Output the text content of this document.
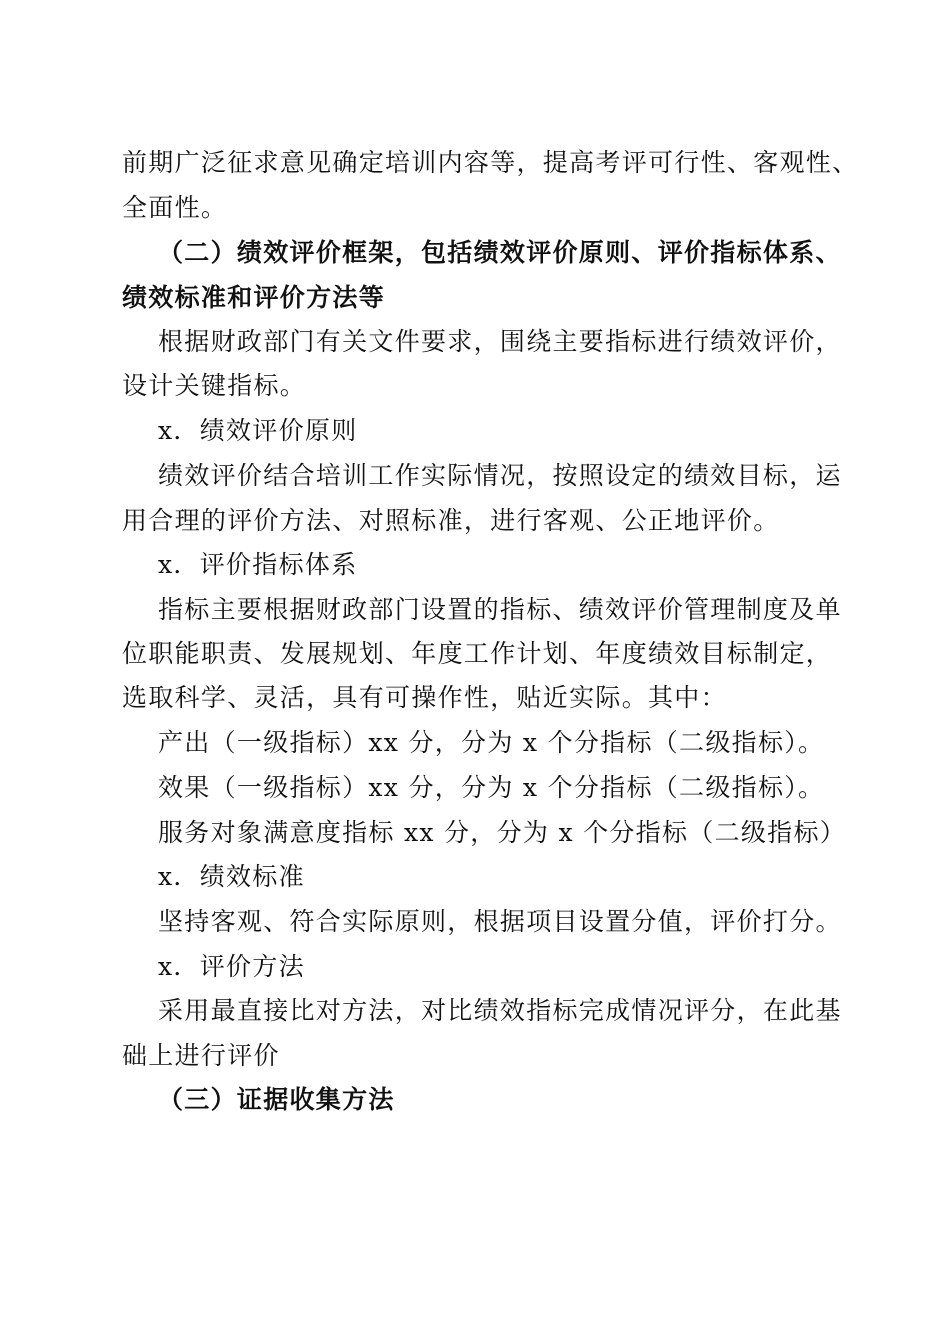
前期广泛征求意见确定培训内容等，提高考评可行性、客观性、
全面性。
（二）绩效评价框架，包括绩效评价原则、评价指标体系、
绩效标准和评价方法等
根据财政部门有关文件要求，围绕主要指标进行绩效评价，
设计关键指标。
x．绩效评价原则
绩效评价结合培训工作实际情况，按照设定的绩效目标，运
用合理的评价方法、对照标准，进行客观、公正地评价。
x．评价指标体系
指标主要根据财政部门设置的指标、绩效评价管理制度及单
位职能职责、发展规划、年度工作计划、年度绩效目标制定，
选取科学、灵活，具有可操作性，贴近实际。其中：
产出（一级指标）xx 分，分为 x 个分指标（二级指标）。
效果（一级指标）xx 分，分为 x 个分指标（二级指标）。
服务对象满意度指标 xx 分，分为 x 个分指标（二级指标）
x．绩效标准
坚持客观、符合实际原则，根据项目设置分值，评价打分。
x．评价方法
采用最直接比对方法，对比绩效指标完成情况评分，在此基
础上进行评价
（三）证据收集方法
